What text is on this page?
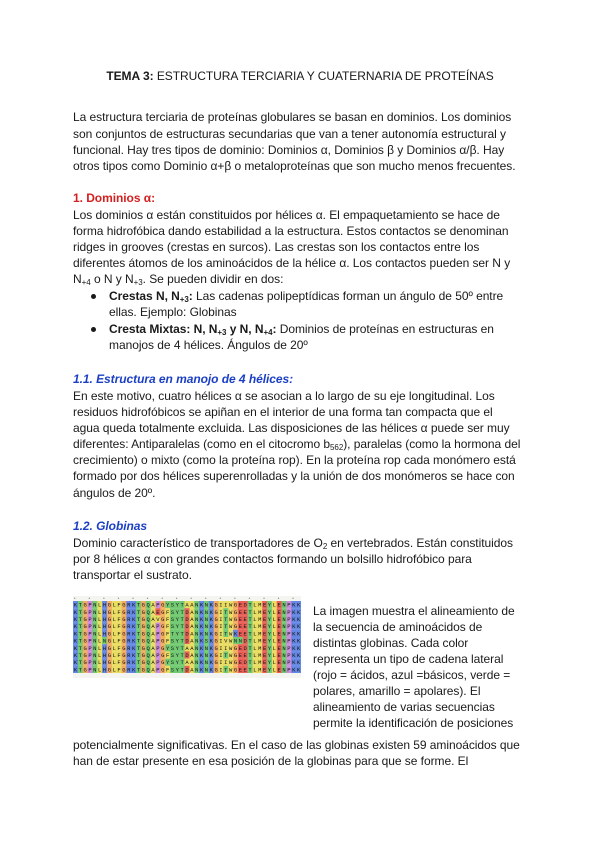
TEMA 3: ESTRUCTURA TERCIARIA Y CUATERNARIA DE PROTEÍNAS
La estructura terciaria de proteínas globulares se basan en dominios. Los dominios
son conjuntos de estructuras secundarias que van a tener autonomía estructural y
funcional. Hay tres tipos de dominio: Dominios α, Dominios β y Dominios α/β. Hay
otros tipos como Dominio α+β o metaloproteínas que son mucho menos frecuentes.
1. Dominios α:
Los dominios α están constituidos por hélices α. El empaquetamiento se hace de
forma hidrofóbica dando estabilidad a la estructura. Estos contactos se denominan
ridges in grooves (crestas en surcos). Las crestas son los contactos entre los
diferentes átomos de los aminoácidos de la hélice α. Los contactos pueden ser N y
$N_{+4}$ o N y $N_{+3}$. Se pueden dividir en dos:
Crestas N, $N_{+3}$: Las cadenas polipeptídicas forman un ángulo de 50º entre
ellas. Ejemplo: Globinas
Cresta Mixtas: N, $N_{+3}$ y N, $N_{+4}$: Dominios de proteínas en estructuras en
manojos de 4 hélices. Ángulos de 20º
1.1. Estructura en manojo de 4 hélices:
En este motivo, cuatro hélices α se asocian a lo largo de su eje longitudinal. Los
residuos hidrofóbicos se apiñan en el interior de una forma tan compacta que el
agua queda totalmente excluida. Las disposiciones de las hélices α puede ser muy
diferentes: Antiparalelas (como en el citocromo $b_{562}$), paralelas (como la hormona del
crecimiento) o mixto (como la proteína rop). En la proteína rop cada monómero está
formado por dos hélices superenrolladas y la unión de dos monómeros se hace con
ángulos de 20º.
1.2. Globinas
Dominio característico de transportadores de $O_2$ en vertebrados. Están constituidos
por 8 hélices α con grandes contactos formando un bolsillo hidrofóbico para
transportar el sustrato.
*	*	*	*	*	*	*	*	*	*	*	*	*	*	*	*
K T G P N L H G L F G R K T G Q A P G Y S Y T A A N K N K G I I W G E D T L M E Y L E N P K K
K T G P N L H G L F G R K T G Q A E G F S Y T D A N K N K G I T W G E E T L M E Y L E N P K K
K T G P N L H G L F G R K T G Q A V G F S Y T D A N K N K G I T W G E E T L M E Y L E N P K K
K T G P N L H G L F G R K T G Q A P G F S Y T D A N K N K G I T W G E E T L M E Y L E N P K K
K T G P N L H G L F G R K T G Q A P G F T Y T D A N K N K G I T W K E E T L M E Y L E N P K K
K T G P N L N G L F G R K T G Q A P G F S Y T D A N K S K G I V W N N D T L M E Y L E N P K K
K T G P N L H G L F G R K T G Q A P G Y S Y T A A N K N K G I I W G E D T L M E Y L E N P K K
K T G P N L H G L F G R K T G Q A P G F S Y T D A N K N K G I T W G E E T L M E Y L E N P K K
K T G P N L H G L F G R K T G Q A P G Y S Y T A A N K N K G I I W G E D T L M E Y L E N P K K
K T G P N L H G L F G R K T G Q A P G F S Y T D A N K N K G I T W G E E T L M E Y L E N P K K
La imagen muestra el alineamiento de
la secuencia de aminoácidos de
distintas globinas. Cada color
representa un tipo de cadena lateral
(rojo = ácidos, azul =básicos, verde =
polares, amarillo = apolares). El
alineamiento de varias secuencias
permite la identificación de posiciones
potencialmente significativas. En el caso de las globinas existen 59 aminoácidos que
han de estar presente en esa posición de la globinas para que se forme. El
